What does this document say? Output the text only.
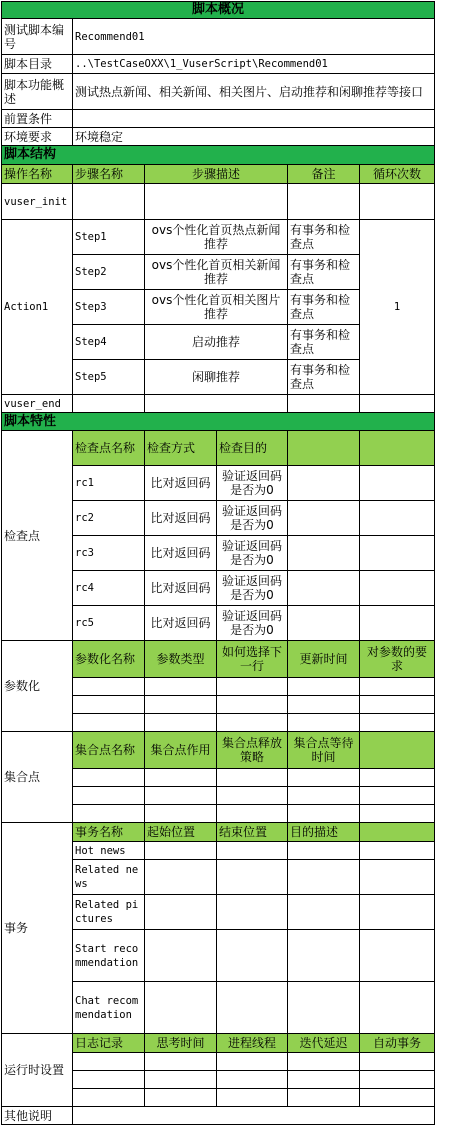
脚本概况					
测试脚本编号	Recommend01				
脚本目录	..\TestCaseOXX\1_VuserScript\Recommend01				
脚本功能概述	测试热点新闻、相关新闻、相关图片、启动推荐和闲聊推荐等接口				
前置条件					
环境要求	环境稳定				
脚本结构					
操作名称	步骤名称	步骤描述		备注	循环次数
vuser_init					
Action1	Step1	ovs个性化首页热点新闻推荐		有事务和检查点	1
	Step2	ovs个性化首页相关新闻推荐		有事务和检查点	
	Step3	ovs个性化首页相关图片推荐		有事务和检查点	
	Step4	启动推荐		有事务和检查点	
	Step5	闲聊推荐		有事务和检查点	
vuser_end					
脚本特性					
检查点	检查点名称	检查方式	检查目的		
	rc1	比对返回码	验证返回码是否为0		
	rc2	比对返回码	验证返回码是否为0		
	rc3	比对返回码	验证返回码是否为0		
	rc4	比对返回码	验证返回码是否为0		
	rc5	比对返回码	验证返回码是否为0		
参数化	参数化名称	参数类型	如何选择下一行	更新时间	对参数的要求

集合点	集合点名称	集合点作用	集合点释放策略	集合点等待时间	

事务	事务名称	起始位置	结束位置	目的描述	
	Hot news				
	Related news				
	Related pictures				
	Start recommendation				
	Chat recommendation				
运行时设置	日志记录	思考时间	进程线程	迭代延迟	自动事务

其他说明					
